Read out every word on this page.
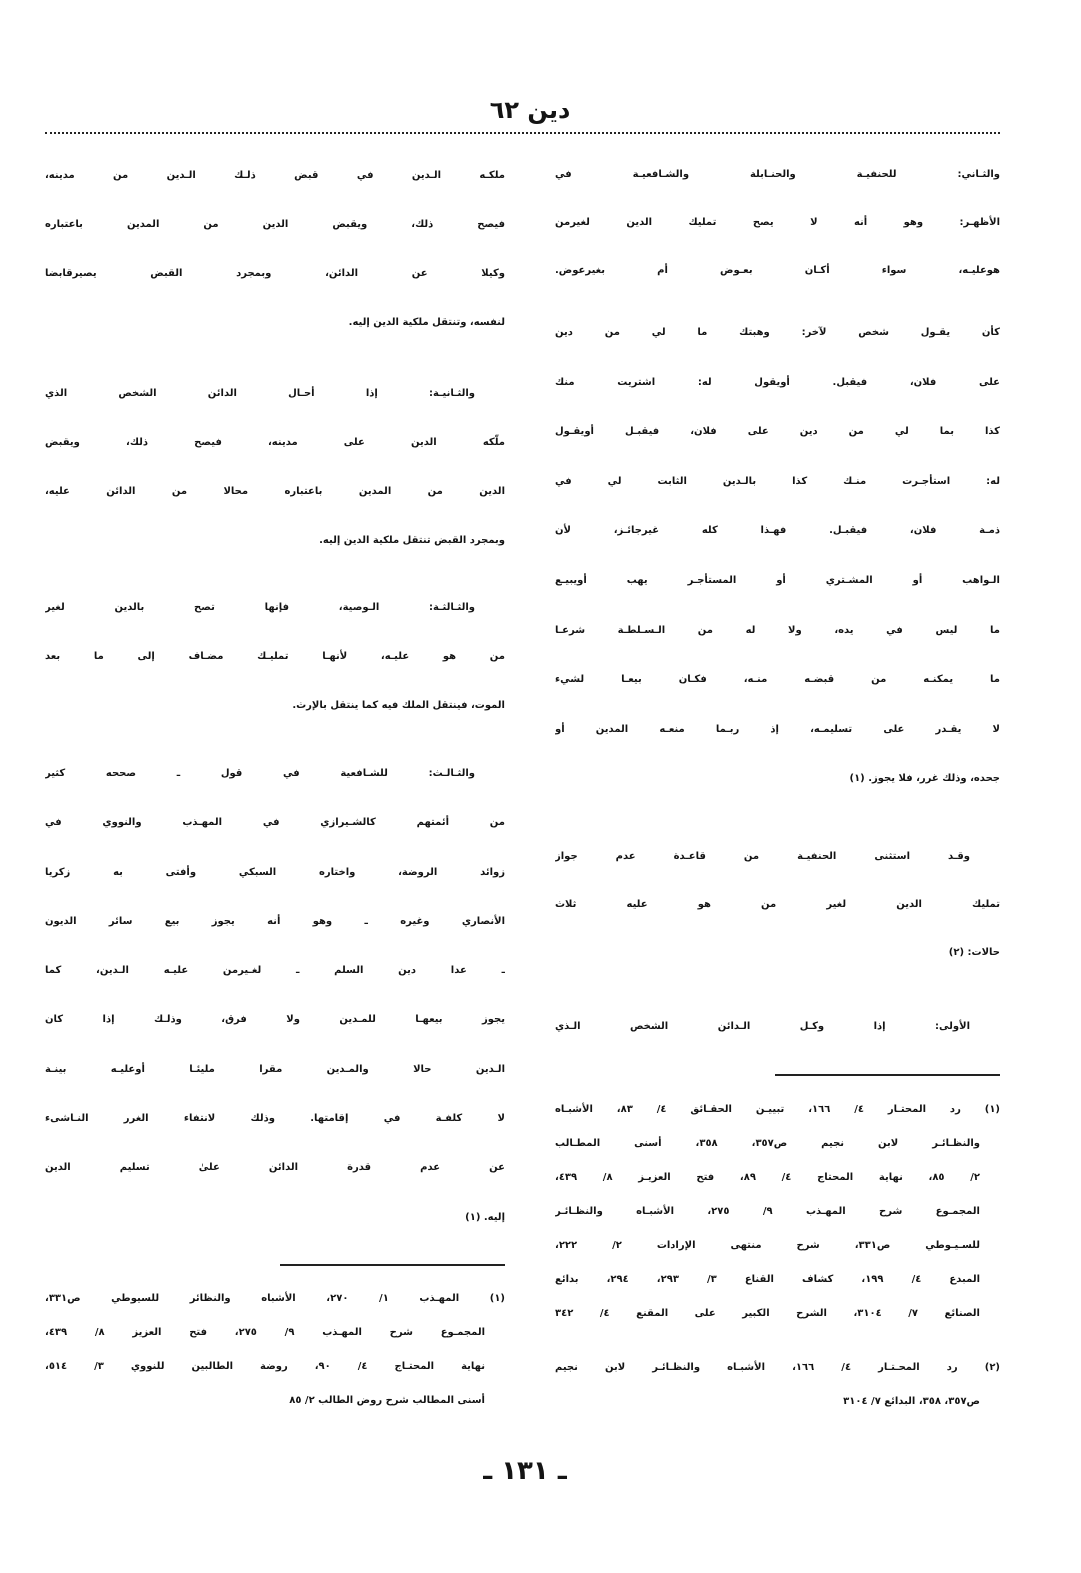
دين ٦٢
والثـاني: للحنفيـة والحنـابلة والشـافعيـة في
الأظهـر: وهو أنه لا يصح تمليك الدين لغيرمن
هوعليـه، سواء أكـان بعـوض أم بغيرعوض.
كأن يقـول شخص لآخر: وهبتك ما لي من دين
على فلان، فيقبل. أويقول له: اشتريت منك
كذا بما لي من دين على فلان، فيقبـل أويقـول
له: استأجـرت منـك كذا بالـدين الثابت لي في
ذمـة فلان، فيقبـل. فهـذا كله غيرجائـز، لأن
الـواهب أو المشـتري أو المستأجـر يهب أويبيـع
ما ليس في يده، ولا له من الـسـلطـة شرعـا
ما يمكنـه من قبضـه منـه، فكـان بيعـا لشيء
لا يقـدر على تسليمـه، إذ ربـما منعـه المدين أو
جحده، وذلك غرر، فلا يجوز. (١)
وقـد استثنى الحنفيـة من قاعـدة عدم جواز
تمليك الدين لغير من هو عليه ثلاث
حالات: (٢)
الأولى: إذا وكـل الـدائن الشخص الـذي
(١) رد المحتـار ٤/ ١٦٦، تبييـن الحقـائق ٤/ ٨٣، الأشبـاه
والنظـائـر لابن نجيم ص٣٥٧، ٣٥٨، أسنى المطـالب
٢/ ٨٥، نهاية المحتاج ٤/ ٨٩، فتح العزيـز ٨/ ٤٣٩،
المجمـوع شرح المهـذب ٩/ ٢٧٥، الأشبـاه والنظـائـر
للسـيـوطي ص٣٣١، شرح منتهى الإرادات ٢/ ٢٢٢،
المبدع ٤/ ١٩٩، كشاف القناع ٣/ ٢٩٣، ٢٩٤، بدائع
الصنائع ٧/ ٣١٠٤، الشرح الكبير على المقنع ٤/ ٣٤٢
(٢) رد المحـتـار ٤/ ١٦٦، الأشبـاه والنظـائـر لابن نجيم
ص٣٥٧، ٣٥٨، البدائع ٧/ ٣١٠٤
ملكـه الـدين في قبض ذلـك الـدين من مدينه،
فيصح ذلك، ويقبض الدين من المدين باعتباره
وكيلا عن الدائن، وبمجرد القبض يصيرقابضا
لنفسه، وتنتقل ملكية الدين إليه.
والثـانيـة: إذا أحـال الدائن الشخص الذي
ملّكه الدين على مدينه، فيصح ذلك، ويقبض
الدين من المدين باعتباره محالا من الدائن عليه،
وبمجرد القبض تنتقل ملكية الدين إليه.
والثـالثـة: الـوصية، فإنها تصح بالدين لغير
من هو عليـه، لأنهـا تمليـك مضـاف إلى ما بعد
الموت، فينتقل الملك فيه كما ينتقل بالإرث.
والثـالـث: للشـافعية في قول ـ صححه كثير
من أئمتهم كالشـيرازي في المهـذب والنووي في
زوائد الروضة، واختاره السبكي وأفتى به زكريا
الأنصاري وغيره ـ وهو أنه يجوز بيع سائر الديون
ـ عدا دين السلم ـ لغـيرمن عليـه الـدين، كما
يجوز بيعهـا للمـدين ولا فرق، وذلـك إذا كان
الـدين حالا والمـدين مقرا مليئـا أوعليـه بينـة
لا كلفـة في إقامتها. وذلك لانتفاء الغرر النـاشىء
عن عدم قدرة الدائن علىٰ تسليم الدين
إليه. (١)
(١) المهـذب ١/ ٢٧٠، الأشباه والنظائر للسيوطي ص٣٣١،
المجمـوع شرح المهـذب ٩/ ٢٧٥، فتح العزيز ٨/ ٤٣٩،
نهاية المحتـاج ٤/ ٩٠، روضة الطالبين للنووي ٣/ ٥١٤،
أسنى المطالب شرح روض الطالب ٢/ ٨٥
ـ ١٣١ ـ
